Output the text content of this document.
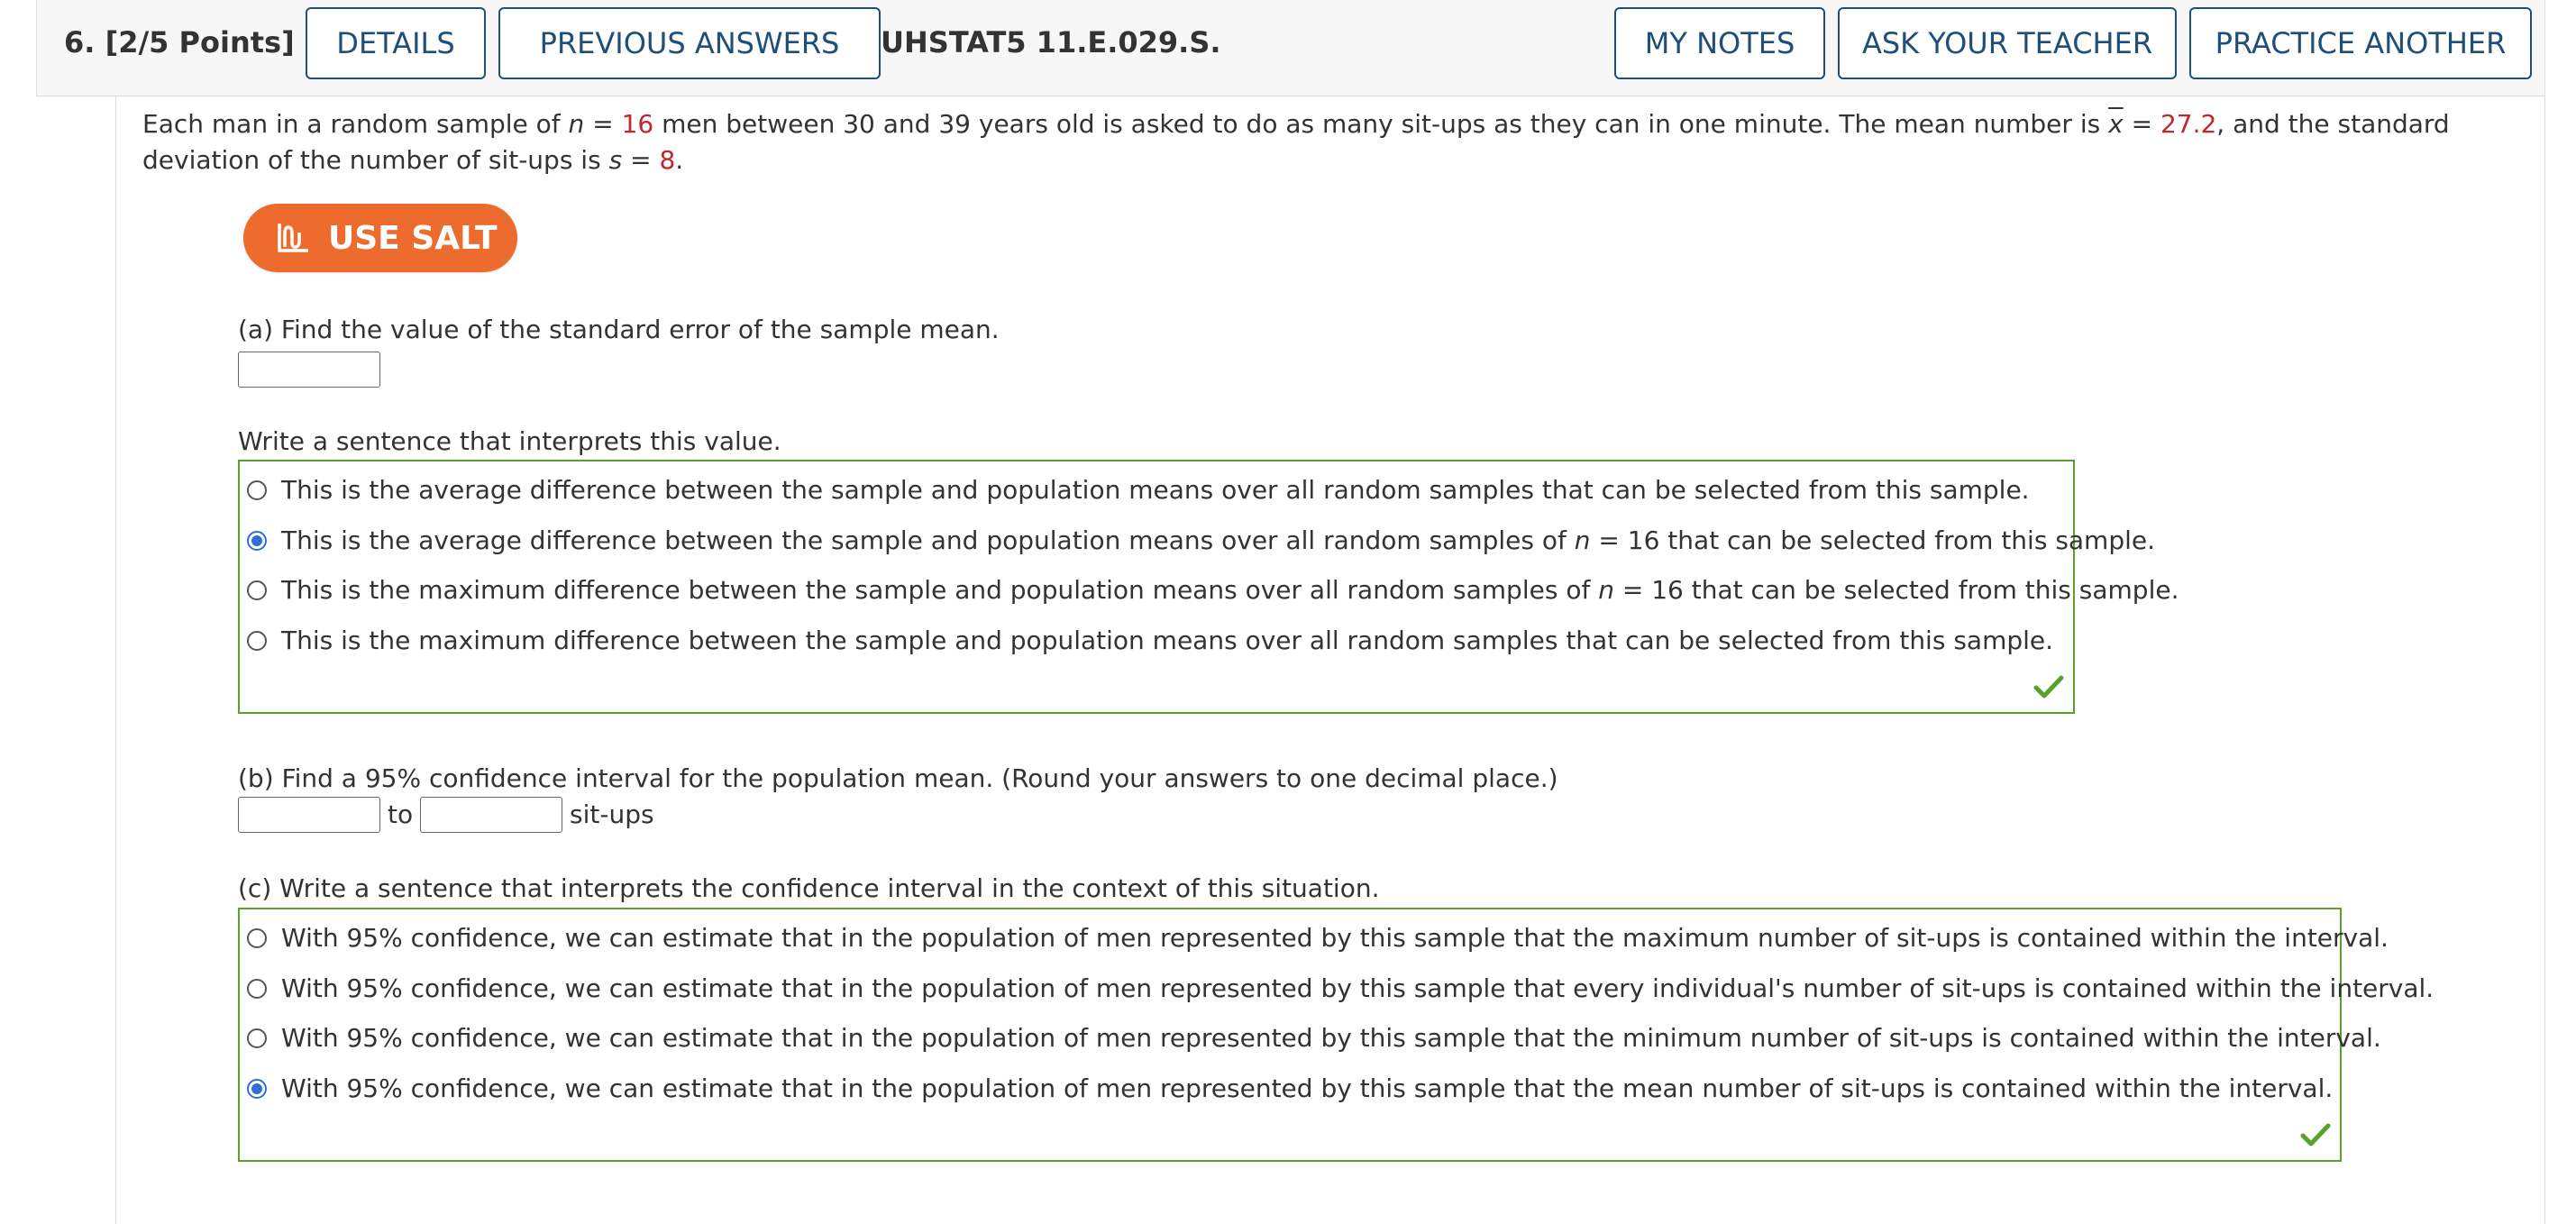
6. [2/5 Points]	DETAILS	PREVIOUS ANSWERS	UHSTAT5 11.E.029.S.	MY NOTES	ASK YOUR TEACHER	PRACTICE ANOTHER
Each man in a random sample of n = 16 men between 30 and 39 years old is asked to do as many sit-ups as they can in one minute. The mean number is $\overline{x} = 27.2$, and the standard deviation of the number of sit-ups is s = 8.
USE SALT
(a) Find the value of the standard error of the sample mean.
Write a sentence that interprets this value.
This is the average difference between the sample and population means over all random samples that can be selected from this sample.
This is the average difference between the sample and population means over all random samples of n = 16 that can be selected from this sample.
This is the maximum difference between the sample and population means over all random samples of n = 16 that can be selected from this sample.
This is the maximum difference between the sample and population means over all random samples that can be selected from this sample.
(b) Find a 95% confidence interval for the population mean. (Round your answers to one decimal place.)
to	sit-ups
(c) Write a sentence that interprets the confidence interval in the context of this situation.
With 95% confidence, we can estimate that in the population of men represented by this sample that the maximum number of sit-ups is contained within the interval.
With 95% confidence, we can estimate that in the population of men represented by this sample that every individual's number of sit-ups is contained within the interval.
With 95% confidence, we can estimate that in the population of men represented by this sample that the minimum number of sit-ups is contained within the interval.
With 95% confidence, we can estimate that in the population of men represented by this sample that the mean number of sit-ups is contained within the interval.
